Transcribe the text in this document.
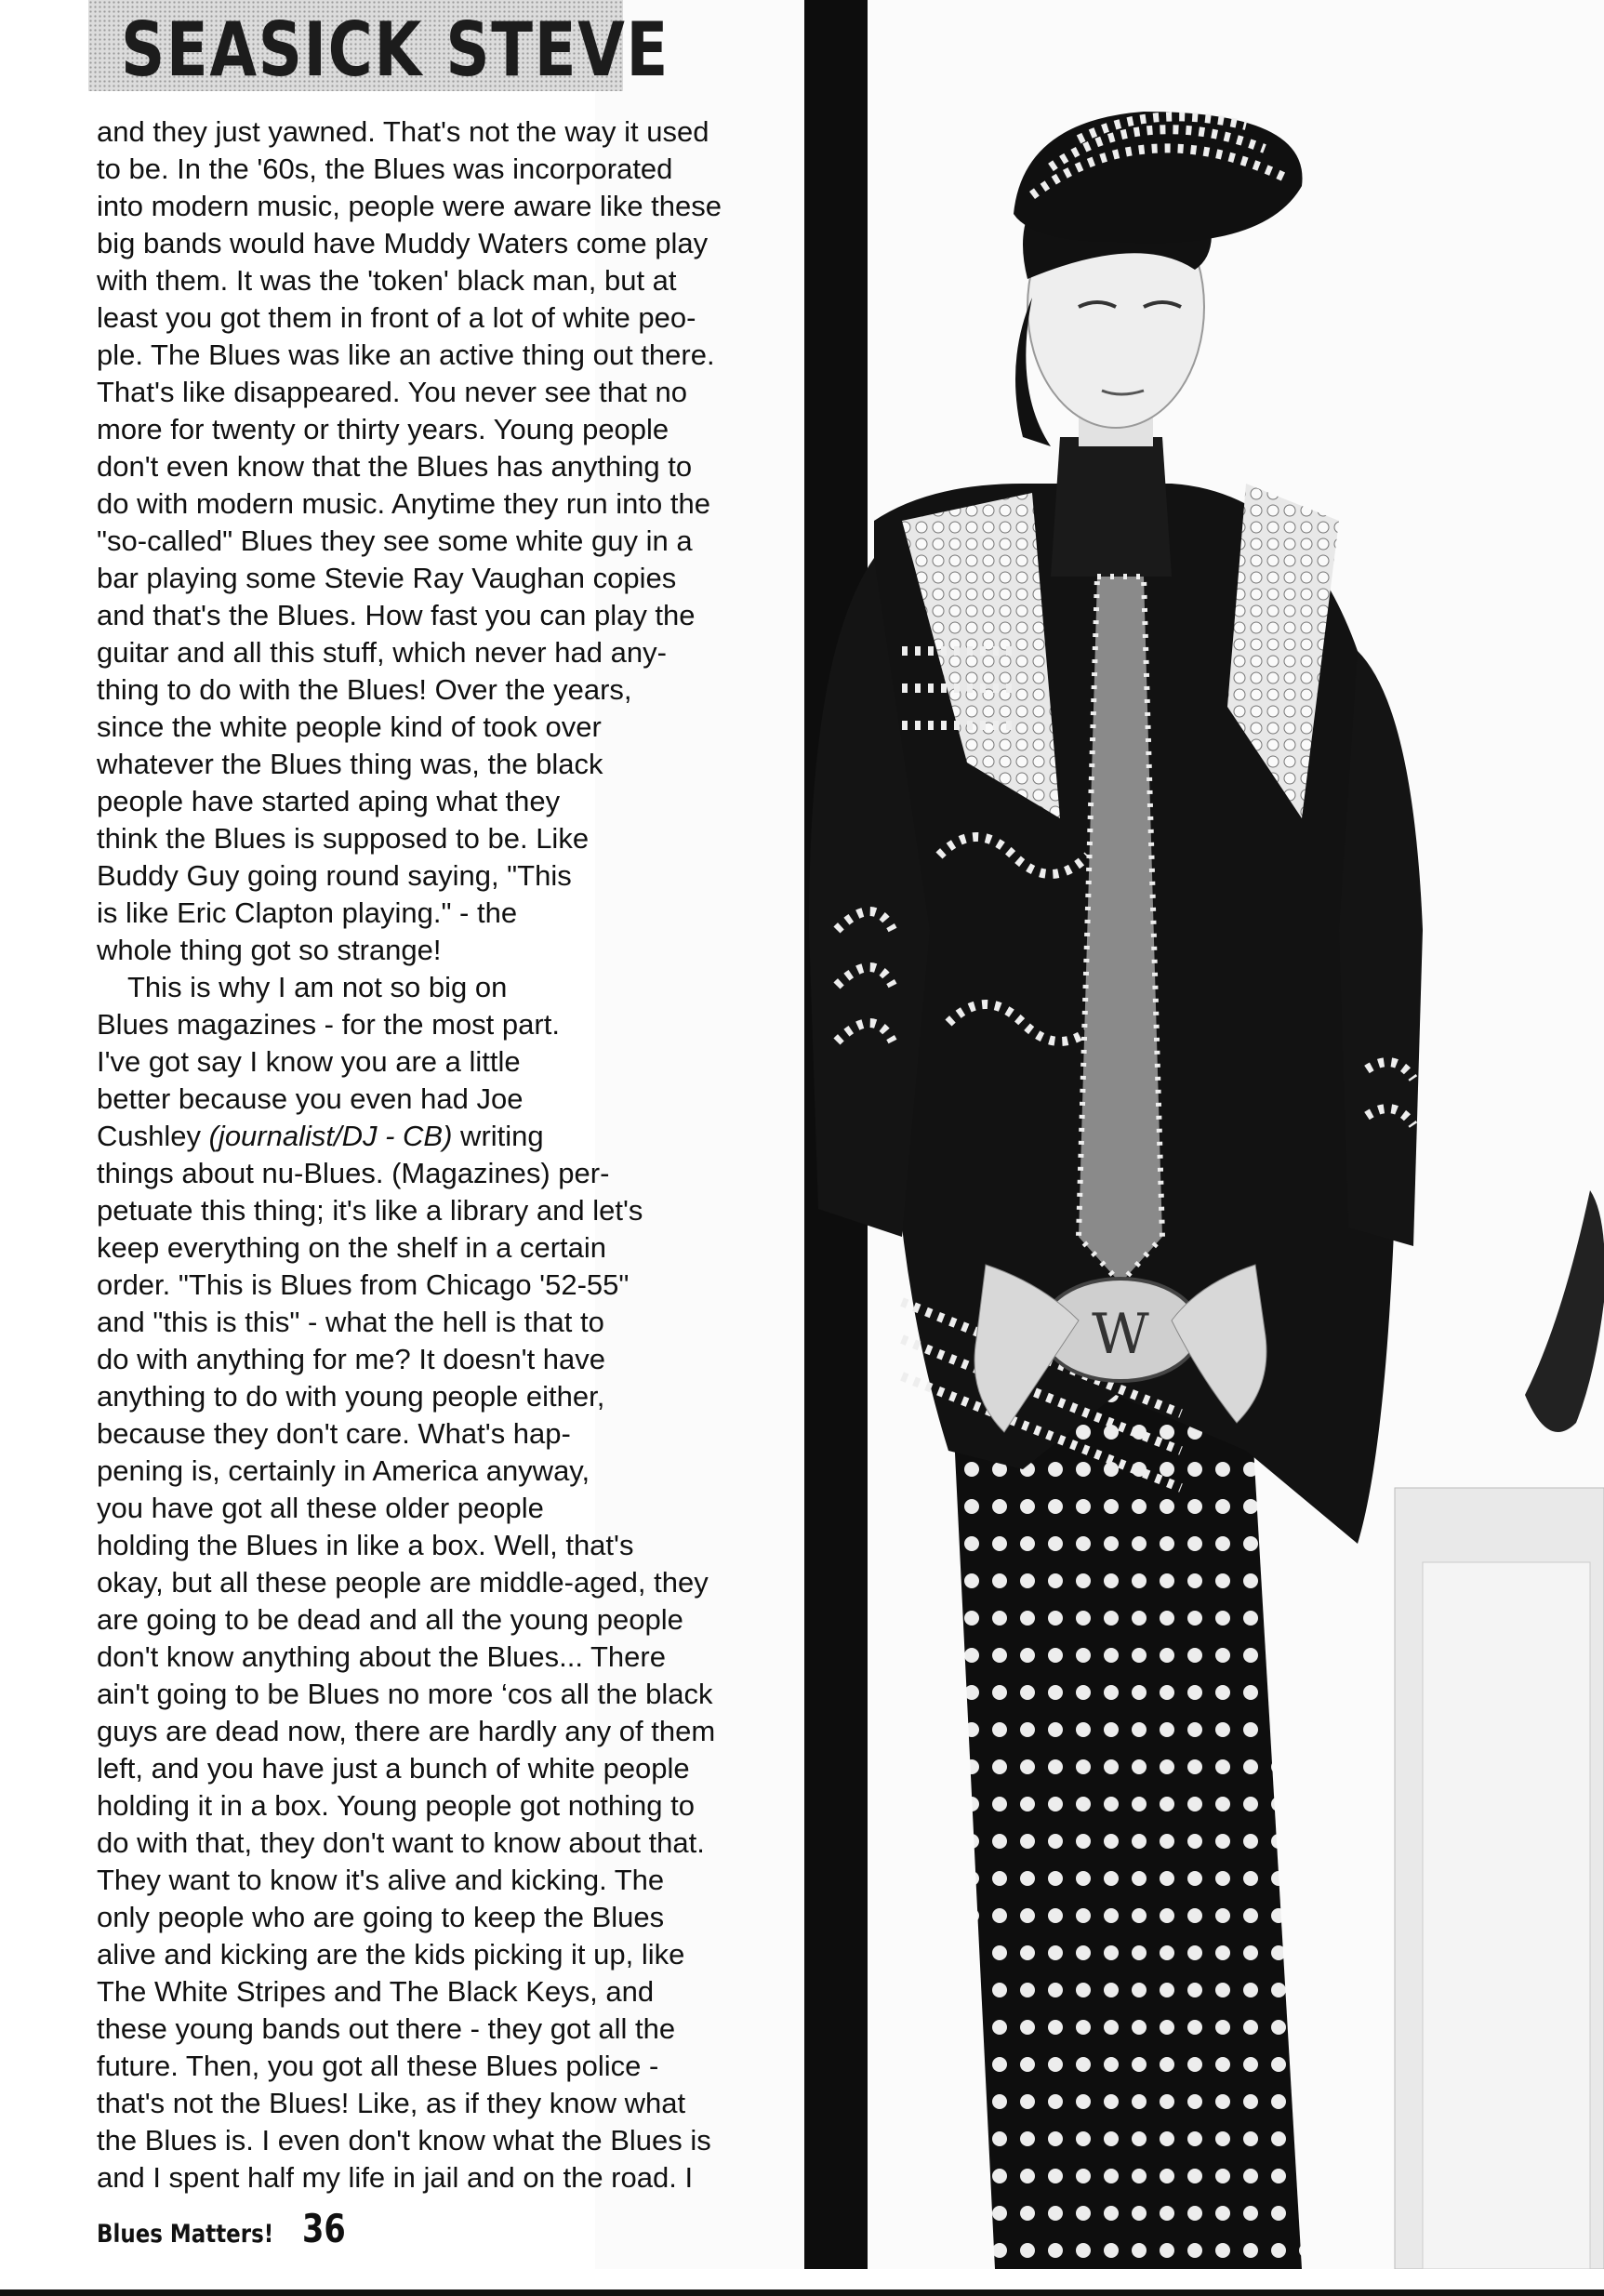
W
SEASICK STEVE

and they just yawned. That's not the way it used
to be. In the '60s, the Blues was incorporated
into modern music, people were aware like these
big bands would have Muddy Waters come play
with them. It was the 'token' black man, but at
least you got them in front of a lot of white peo-
ple. The Blues was like an active thing out there.
That's like disappeared. You never see that no
more for twenty or thirty years. Young people
don't even know that the Blues has anything to
do with modern music. Anytime they run into the
"so-called" Blues they see some white guy in a
bar playing some Stevie Ray Vaughan copies
and that's the Blues. How fast you can play the
guitar and all this stuff, which never had any-
thing to do with the Blues! Over the years,
since the white people kind of took over
whatever the Blues thing was, the black
people have started aping what they
think the Blues is supposed to be. Like
Buddy Guy going round saying, "This
is like Eric Clapton playing." - the
whole thing got so strange!

This is why I am not so big on
Blues magazines - for the most part.
I've got say I know you are a little
better because you even had Joe
Cushley (journalist/DJ - CB) writing
things about nu-Blues. (Magazines) per-
petuate this thing; it's like a library and let's
keep everything on the shelf in a certain
order. "This is Blues from Chicago '52-55"
and "this is this" - what the hell is that to
do with anything for me? It doesn't have
anything to do with young people either,
because they don't care. What's hap-
pening is, certainly in America anyway,
you have got all these older people
holding the Blues in like a box. Well, that's
okay, but all these people are middle-aged, they
are going to be dead and all the young people
don't know anything about the Blues... There
ain't going to be Blues no more ‘cos all the black
guys are dead now, there are hardly any of them
left, and you have just a bunch of white people
holding it in a box. Young people got nothing to
do with that, they don't want to know about that.
They want to know it's alive and kicking. The
only people who are going to keep the Blues
alive and kicking are the kids picking it up, like
The White Stripes and The Black Keys, and
these young bands out there - they got all the
future. Then, you got all these Blues police -
that's not the Blues! Like, as if they know what
the Blues is. I even don't know what the Blues is
and I spent half my life in jail and on the road. I

Blues Matters! 36
